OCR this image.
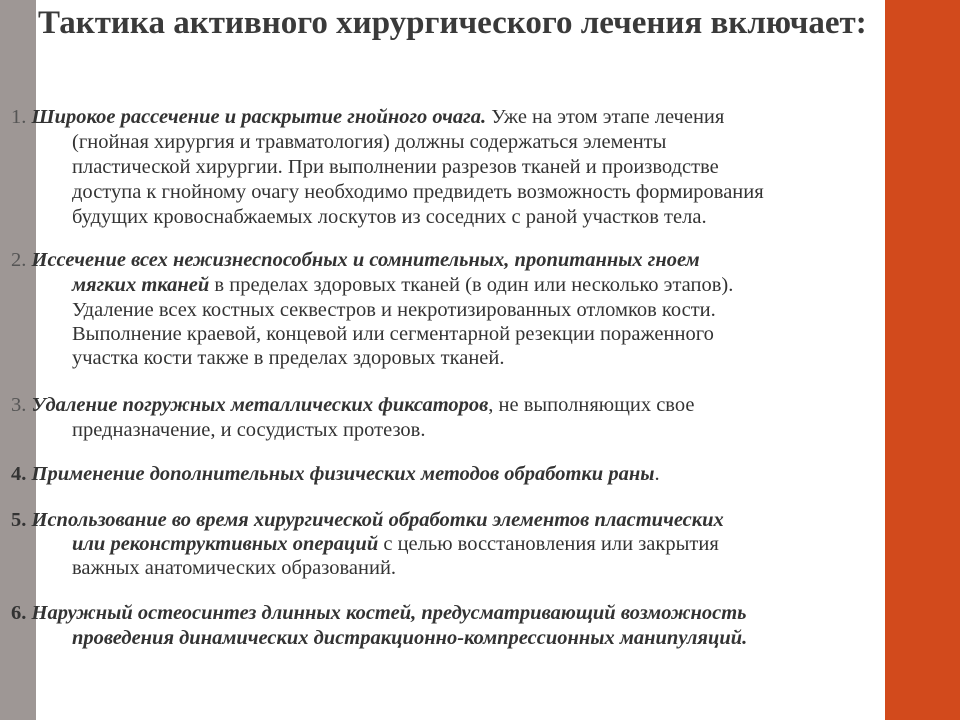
Тактика активного хирургического лечения включает:
1. Широкое рассечение и раскрытие гнойного очага. Уже на этом этапе лечения
(гнойная хирургия и травматология) должны содержаться элементы
пластической хирургии. При выполнении разрезов тканей и производстве
доступа к гнойному очагу необходимо предвидеть возможность формирования
будущих кровоснабжаемых лоскутов из соседних с раной участков тела.
2. Иссечение всех нежизнеспособных и сомнительных, пропитанных гноем
мягких тканей в пределах здоровых тканей (в один или несколько этапов).
Удаление всех костных секвестров и некротизированных отломков кости.
Выполнение краевой, концевой или сегментарной резекции пораженного
участка кости также в пределах здоровых тканей.
3. Удаление погружных металлических фиксаторов, не выполняющих свое
предназначение, и сосудистых протезов.
4. Применение дополнительных физических методов обработки раны.
5. Использование во время хирургической обработки элементов пластических
или реконструктивных операций с целью восстановления или закрытия
важных анатомических образований.
6. Наружный остеосинтез длинных костей, предусматривающий возможность
проведения динамических дистракционно-компрессионных манипуляций.
